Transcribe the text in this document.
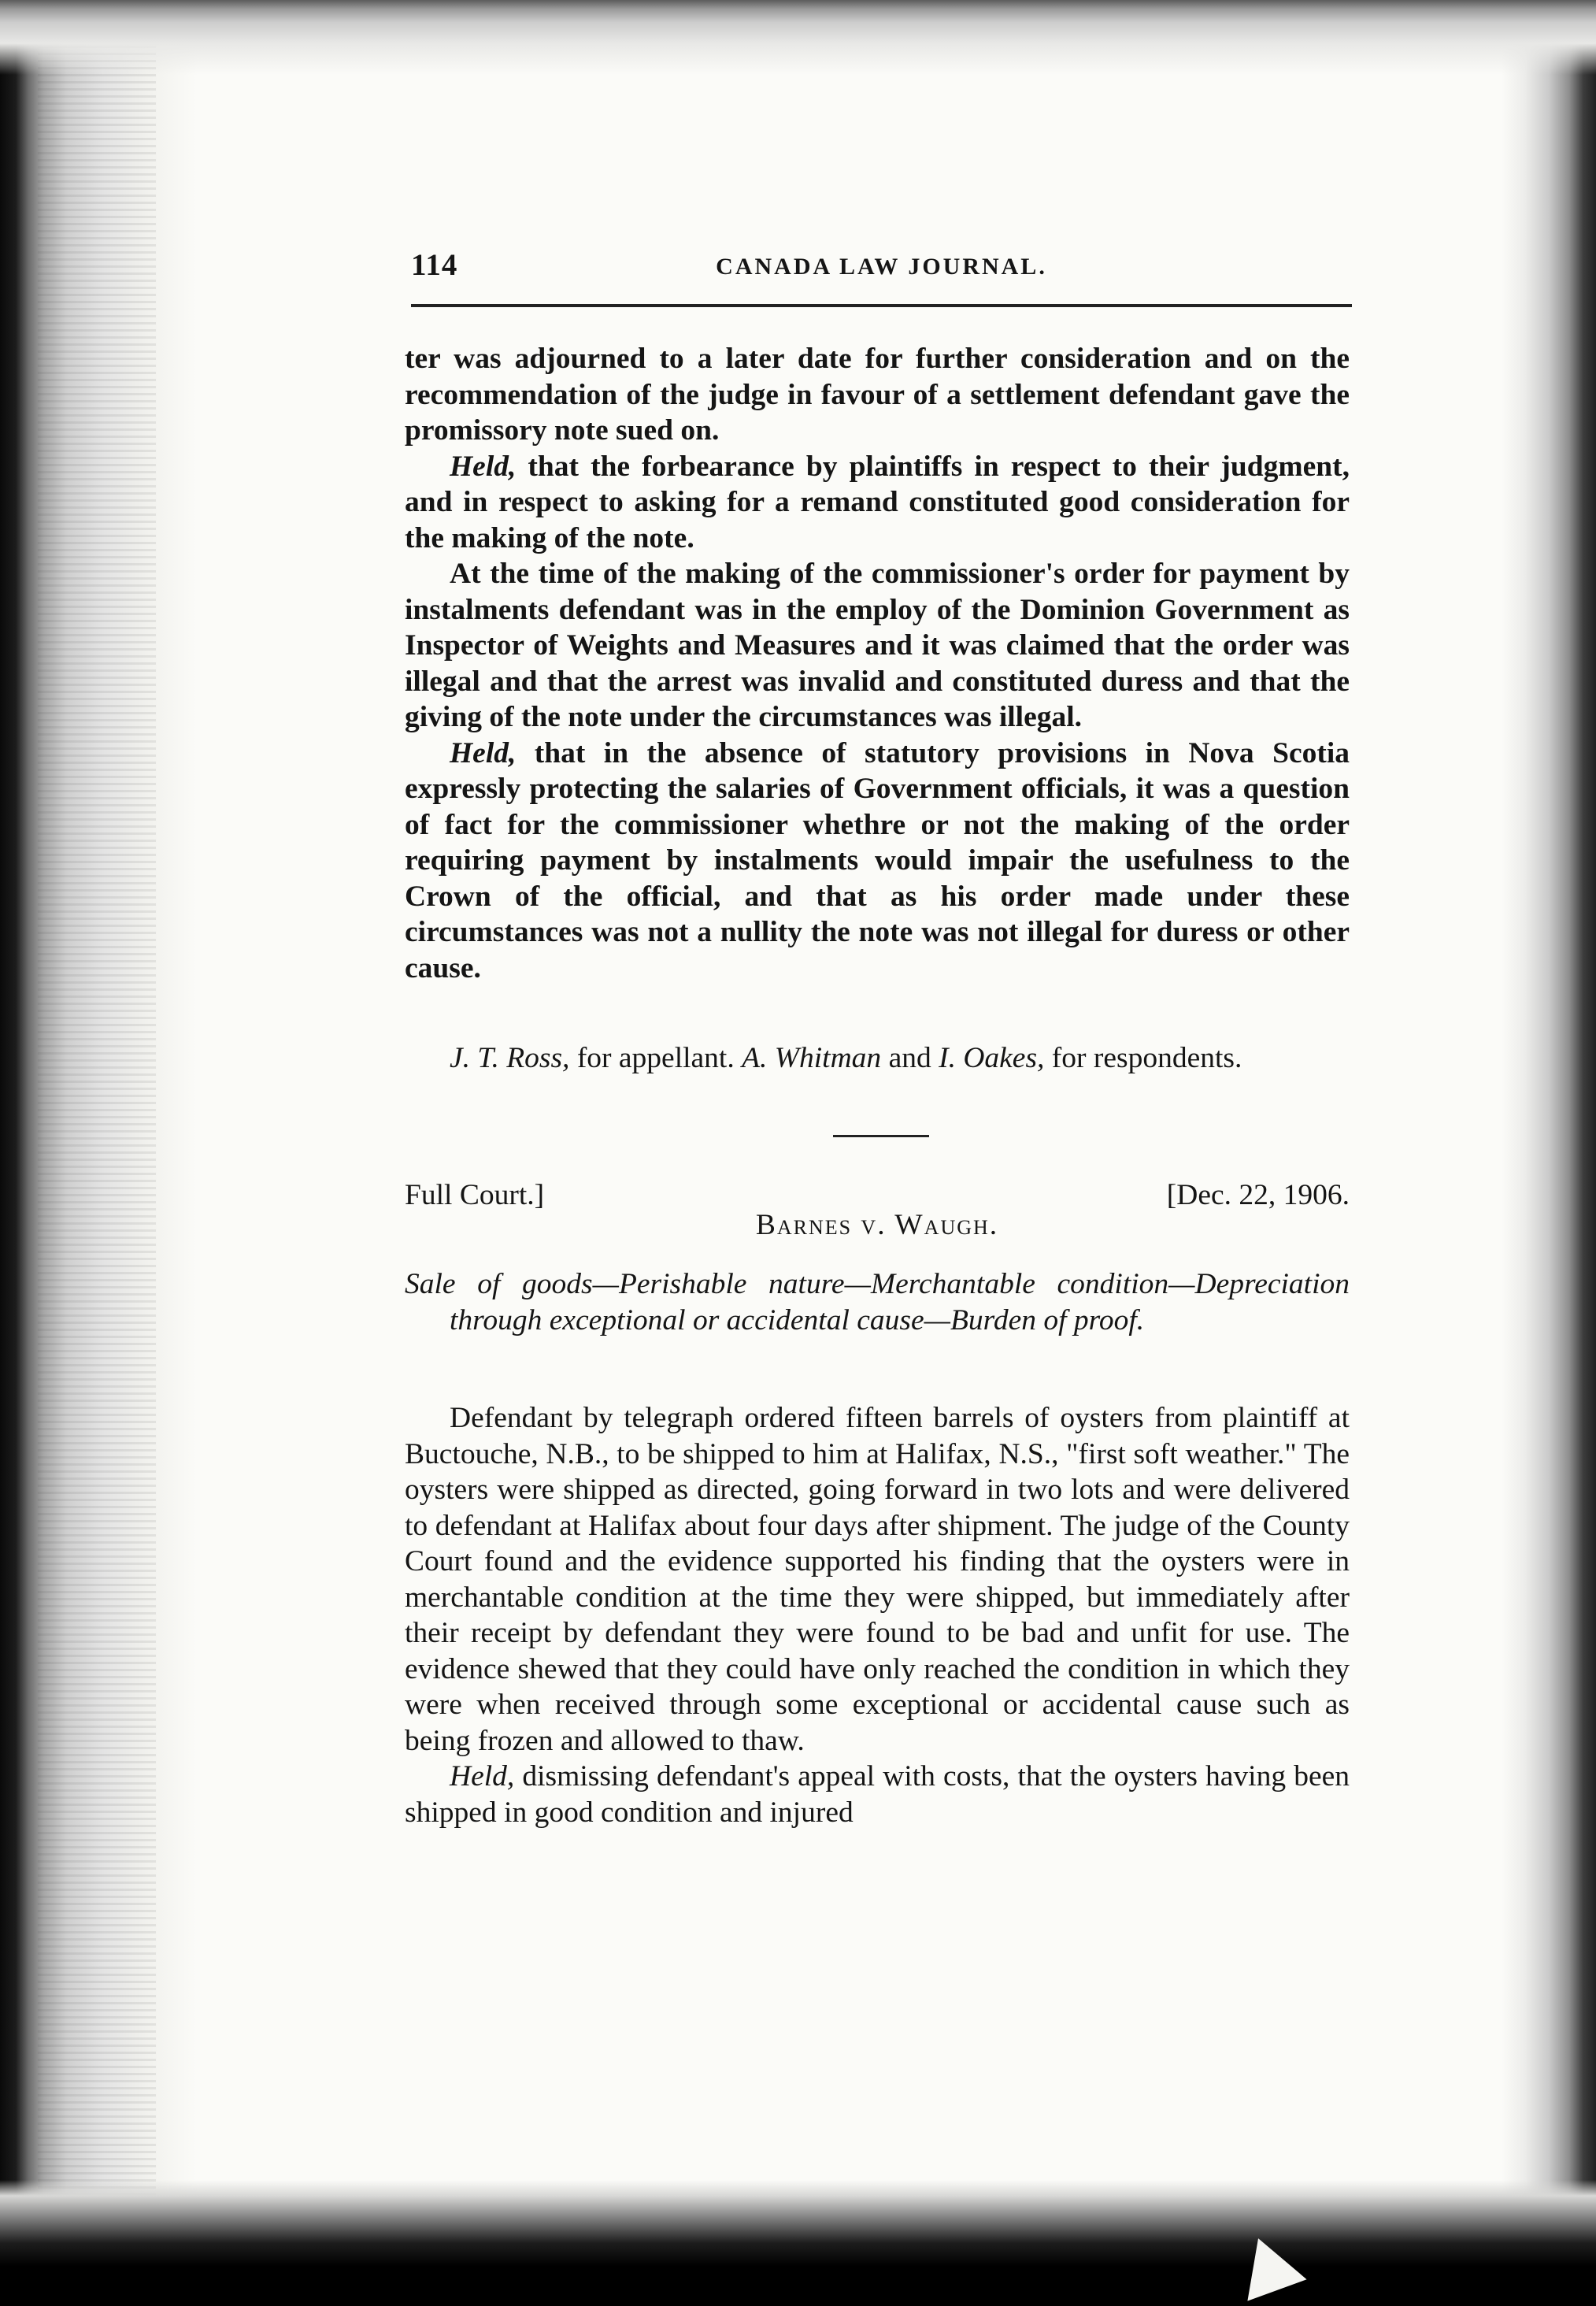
114	CANADA LAW JOURNAL.

ter was adjourned to a later date for further consideration and on the recommendation of the judge in favour of a settlement defendant gave the promissory note sued on.

Held, that the forbearance by plaintiffs in respect to their judgment, and in respect to asking for a remand constituted good consideration for the making of the note.

At the time of the making of the commissioner's order for payment by instalments defendant was in the employ of the Dominion Government as Inspector of Weights and Measures and it was claimed that the order was illegal and that the arrest was invalid and constituted duress and that the giving of the note under the circumstances was illegal.

Held, that in the absence of statutory provisions in Nova Scotia expressly protecting the salaries of Government officials, it was a question of fact for the commissioner whethre or not the making of the order requiring payment by instalments would impair the usefulness to the Crown of the official, and that as his order made under these circumstances was not a nullity the note was not illegal for duress or other cause.

J. T. Ross, for appellant. A. Whitman and I. Oakes, for respondents.

Full Court.]	[Dec. 22, 1906.
Barnes v. Waugh.
Sale of goods—Perishable nature—Merchantable condition—Depreciation through exceptional or accidental cause—Burden of proof.

Defendant by telegraph ordered fifteen barrels of oysters from plaintiff at Buctouche, N.B., to be shipped to him at Halifax, N.S., "first soft weather." The oysters were shipped as directed, going forward in two lots and were delivered to defendant at Halifax about four days after shipment. The judge of the County Court found and the evidence supported his finding that the oysters were in merchantable condition at the time they were shipped, but immediately after their receipt by defendant they were found to be bad and unfit for use. The evidence shewed that they could have only reached the condition in which they were when received through some exceptional or accidental cause such as being frozen and allowed to thaw.

Held, dismissing defendant's appeal with costs, that the oysters having been shipped in good condition and injured
